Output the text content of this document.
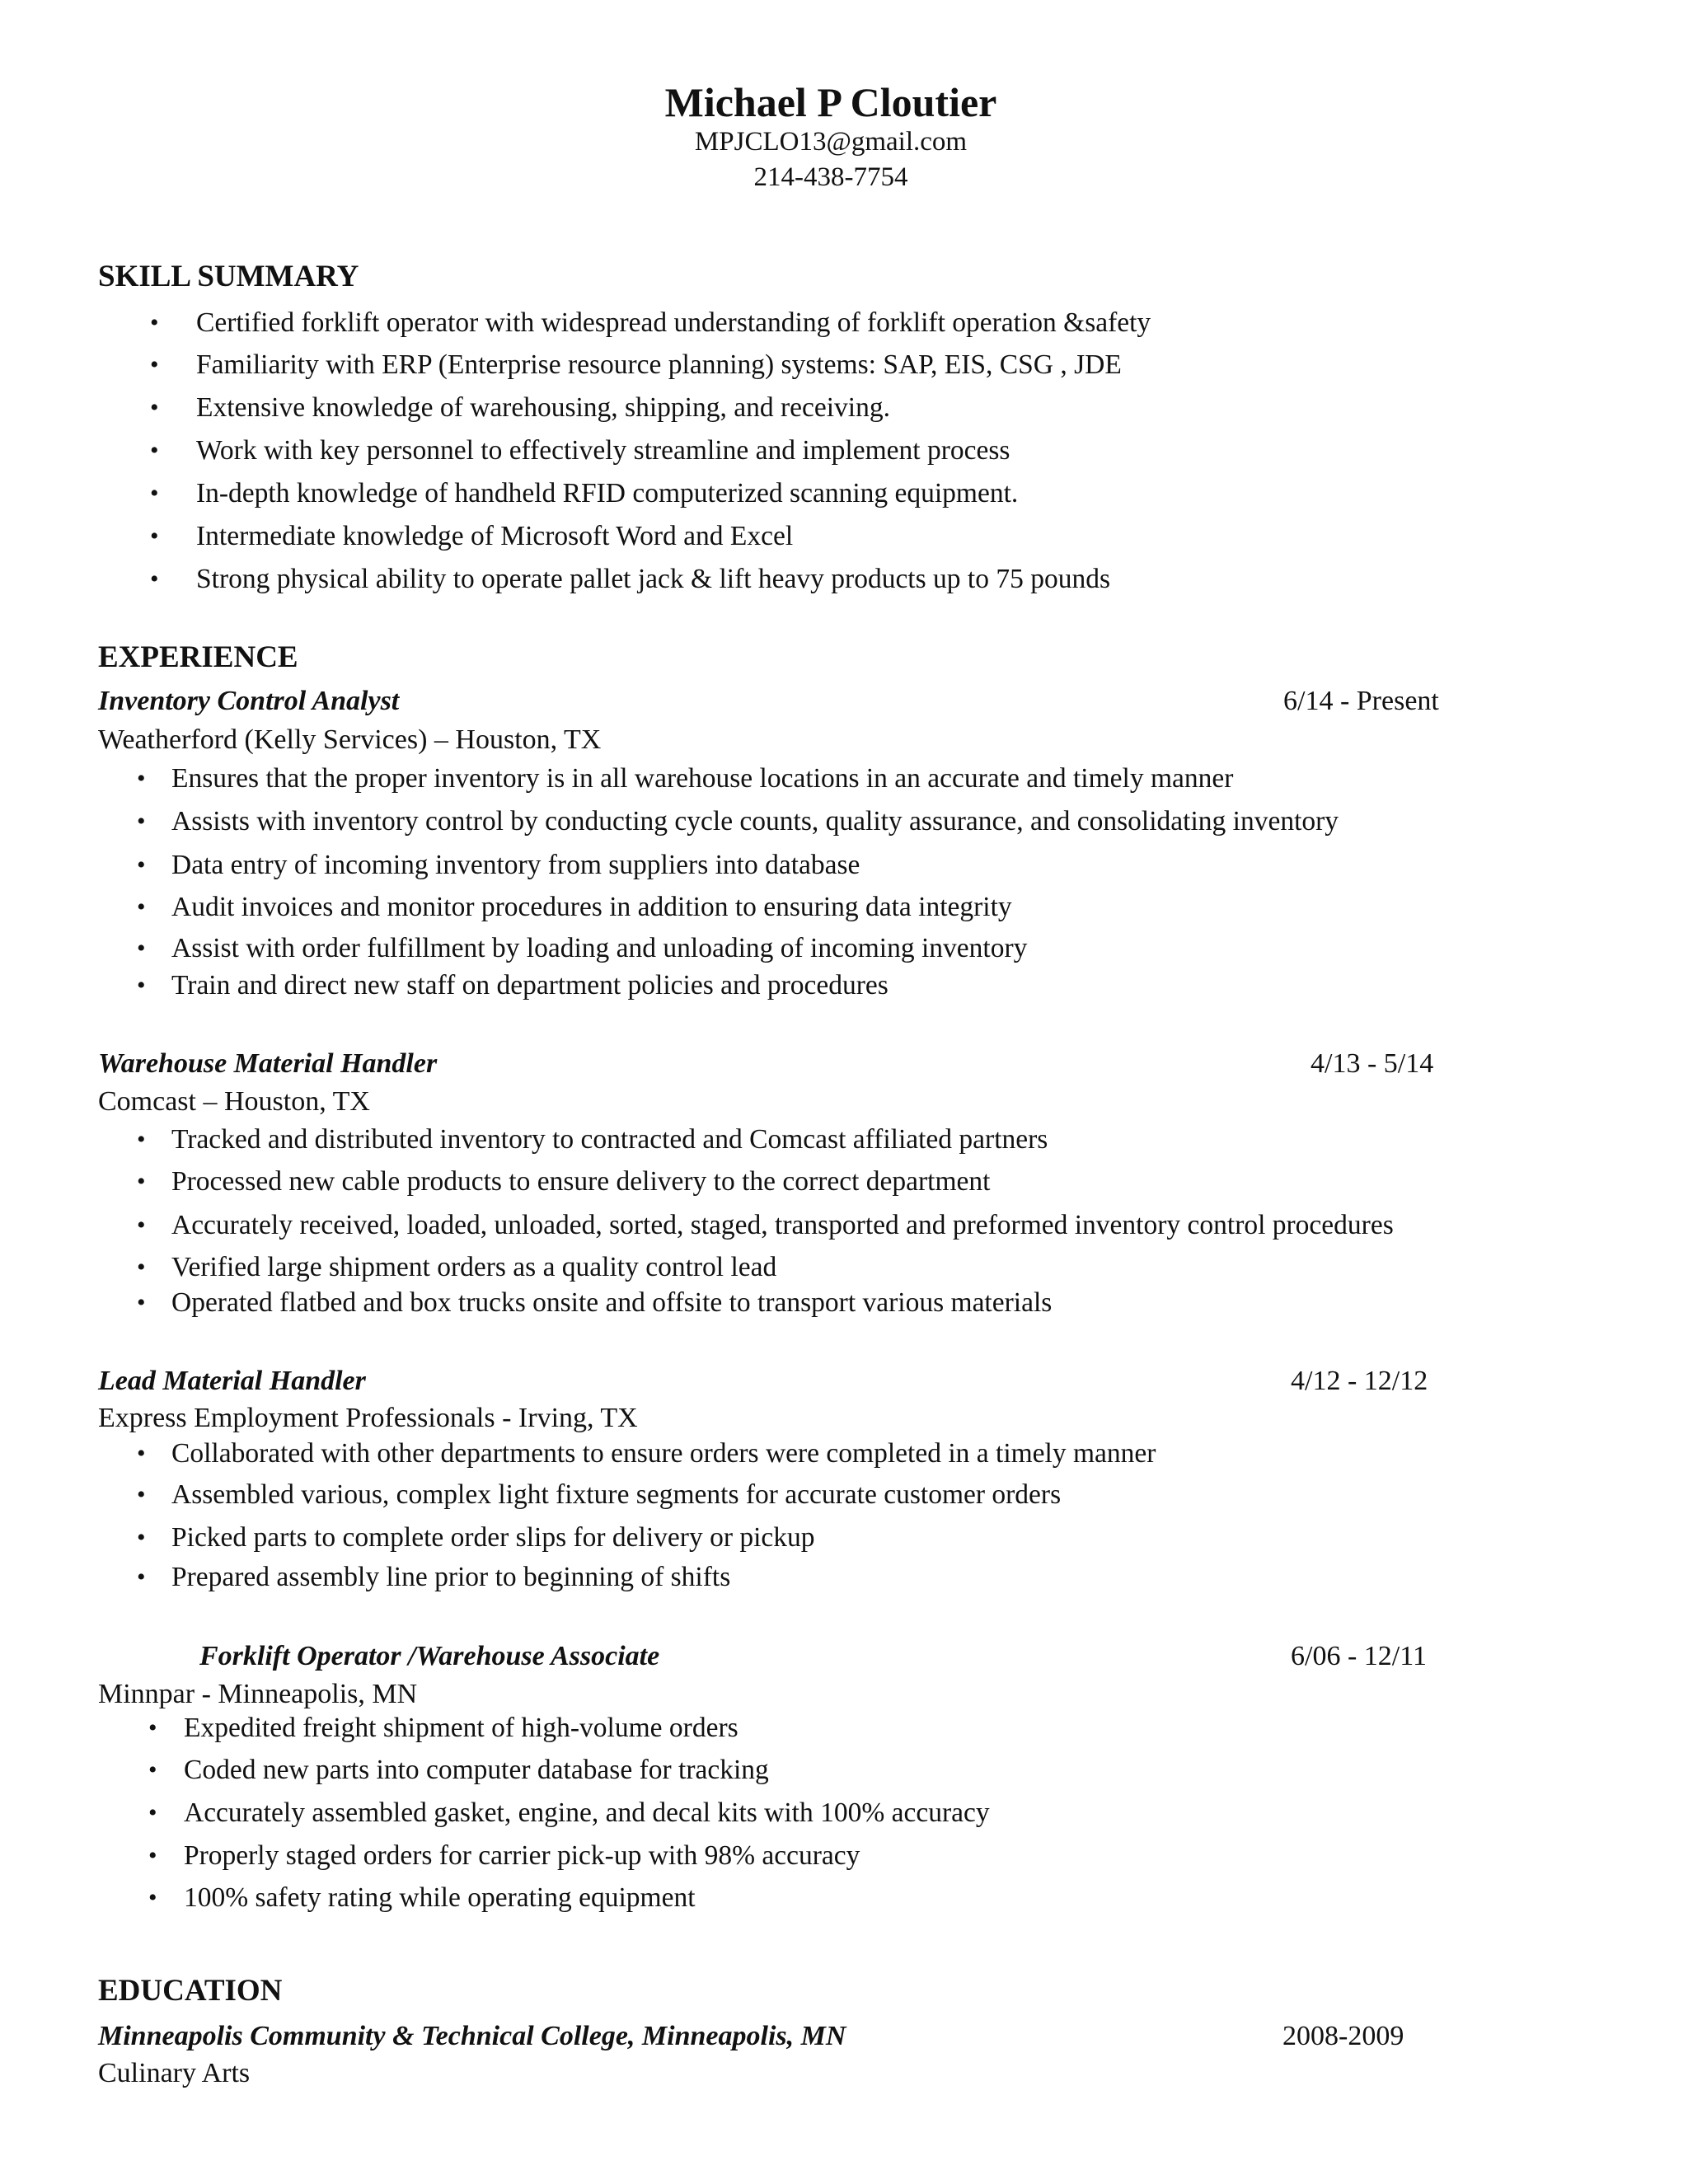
Michael P Cloutier
MPJCLO13@gmail.com
214-438-7754
SKILL SUMMARY
• Certified forklift operator with widespread understanding of forklift operation &safety
• Familiarity with ERP (Enterprise resource planning) systems: SAP, EIS, CSG , JDE
• Extensive knowledge of warehousing, shipping, and receiving.
• Work with key personnel to effectively streamline and implement process
• In-depth knowledge of handheld RFID computerized scanning equipment.
• Intermediate knowledge of Microsoft Word and Excel
• Strong physical ability to operate pallet jack & lift heavy products up to 75 pounds
EXPERIENCE
Inventory Control Analyst	6/14 - Present
Weatherford (Kelly Services) – Houston, TX
• Ensures that the proper inventory is in all warehouse locations in an accurate and timely manner
• Assists with inventory control by conducting cycle counts, quality assurance, and consolidating inventory
• Data entry of incoming inventory from suppliers into database
• Audit invoices and monitor procedures in addition to ensuring data integrity
• Assist with order fulfillment by loading and unloading of incoming inventory
• Train and direct new staff on department policies and procedures
Warehouse Material Handler	4/13 - 5/14
Comcast – Houston, TX
• Tracked and distributed inventory to contracted and Comcast affiliated partners
• Processed new cable products to ensure delivery to the correct department
• Accurately received, loaded, unloaded, sorted, staged, transported and preformed inventory control procedures
• Verified large shipment orders as a quality control lead
• Operated flatbed and box trucks onsite and offsite to transport various materials
Lead Material Handler	4/12 - 12/12
Express Employment Professionals - Irving, TX
• Collaborated with other departments to ensure orders were completed in a timely manner
• Assembled various, complex light fixture segments for accurate customer orders
• Picked parts to complete order slips for delivery or pickup
• Prepared assembly line prior to beginning of shifts
Forklift Operator /Warehouse Associate	6/06 - 12/11
Minnpar - Minneapolis, MN
• Expedited freight shipment of high-volume orders
• Coded new parts into computer database for tracking
• Accurately assembled gasket, engine, and decal kits with 100% accuracy
• Properly staged orders for carrier pick-up with 98% accuracy
• 100% safety rating while operating equipment
EDUCATION
Minneapolis Community & Technical College, Minneapolis, MN	2008-2009
Culinary Arts
